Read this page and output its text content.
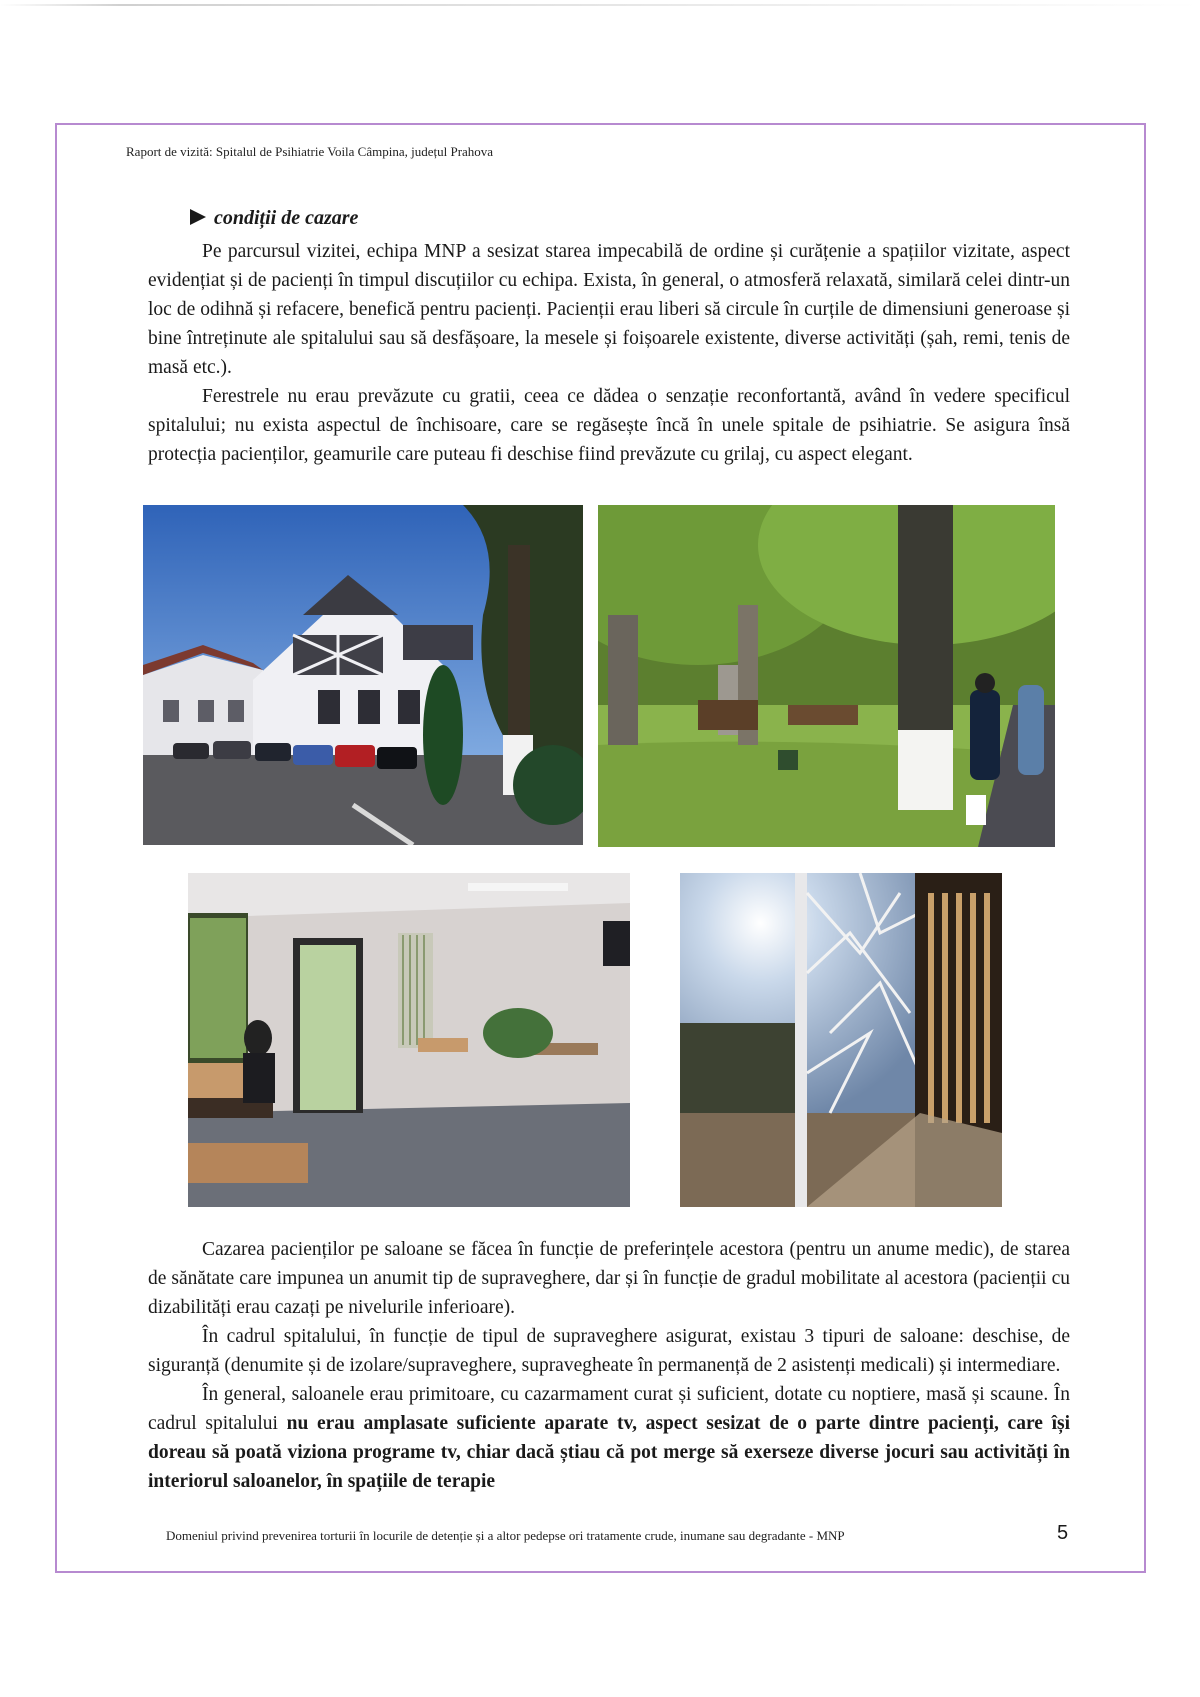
Raport de vizită: Spitalul de Psihiatrie Voila Câmpina, județul Prahova
condiții de cazare

Pe parcursul vizitei, echipa MNP a sesizat starea impecabilă de ordine și curățenie a spațiilor vizitate, aspect evidențiat și de pacienți în timpul discuțiilor cu echipa. Exista, în general, o atmosferă relaxată, similară celei dintr-un loc de odihnă și refacere, benefică pentru pacienți. Pacienții erau liberi să circule în curțile de dimensiuni generoase și bine întreținute ale spitalului sau să desfășoare, la mesele și foișoarele existente, diverse activități (șah, remi, tenis de masă etc.).

Ferestrele nu erau prevăzute cu gratii, ceea ce dădea o senzație reconfortantă, având în vedere specificul spitalului; nu exista aspectul de închisoare, care se regăsește încă în unele spitale de psihiatrie. Se asigura însă protecția pacienților, geamurile care puteau fi deschise fiind prevăzute cu grilaj, cu aspect elegant.

Cazarea pacienților pe saloane se făcea în funcție de preferințele acestora (pentru un anume medic), de starea de sănătate care impunea un anumit tip de supraveghere, dar și în funcție de gradul mobilitate al acestora (pacienții cu dizabilități erau cazați pe nivelurile inferioare).

În cadrul spitalului, în funcție de tipul de supraveghere asigurat, existau 3 tipuri de saloane: deschise, de siguranță (denumite și de izolare/supraveghere, supravegheate în permanență de 2 asistenți medicali) și intermediare.

În general, saloanele erau primitoare, cu cazarmament curat și suficient, dotate cu noptiere, masă și scaune. În cadrul spitalului nu erau amplasate suficiente aparate tv, aspect sesizat de o parte dintre pacienți, care își doreau să poată viziona programe tv, chiar dacă știau că pot merge să exerseze diverse jocuri sau activități în interiorul saloanelor, în spațiile de terapie

Domeniul privind prevenirea torturii în locurile de detenție și a altor pedepse ori tratamente crude, inumane sau degradante - MNP	5
